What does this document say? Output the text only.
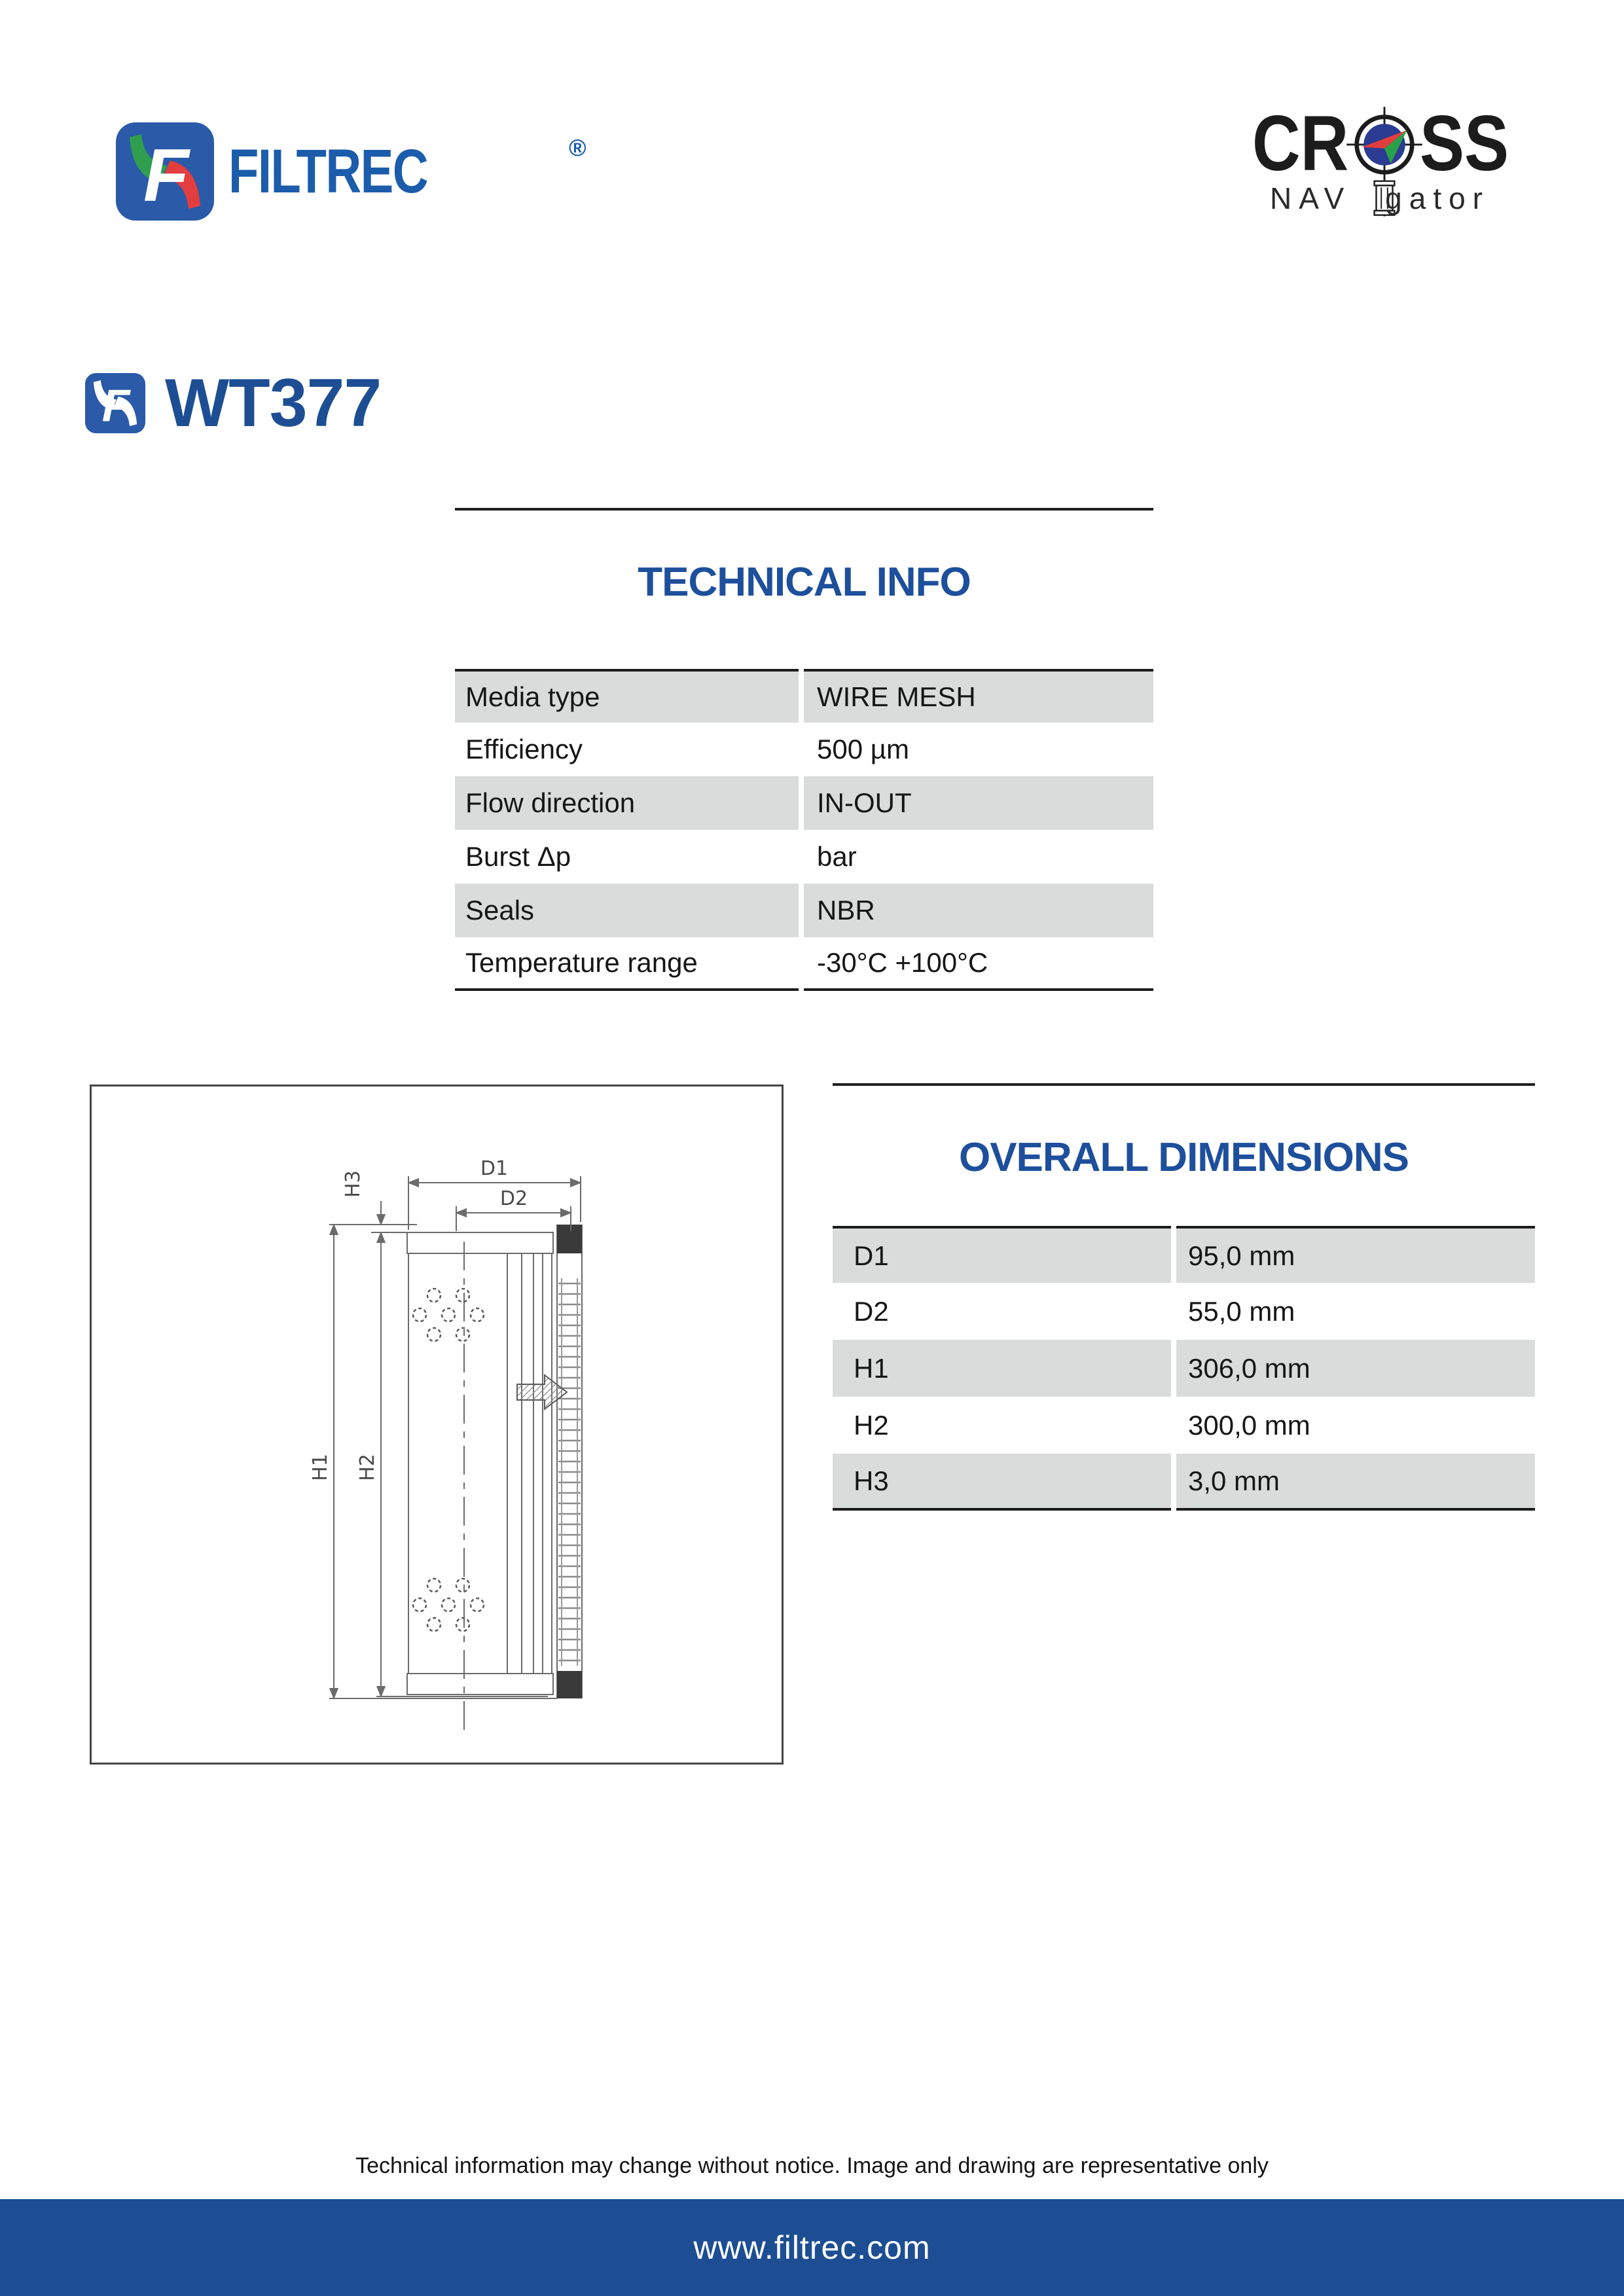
F FILTREC	®	CR SS
NAV gator
F WT377
TECHNICAL INFO
Media type	WIRE MESH
Efficiency	500 µm
Flow direction	IN-OUT
Burst Δp	bar
Seals	NBR
Temperature range	-30°C +100°C
OVERALL DIMENSIONS
D1	95,0 mm
D2	55,0 mm
H1	306,0 mm
H2	300,0 mm
H3	3,0 mm
D1
D2
H1 H2
H3
Technical information may change without notice. Image and drawing are representative only
www.filtrec.com
